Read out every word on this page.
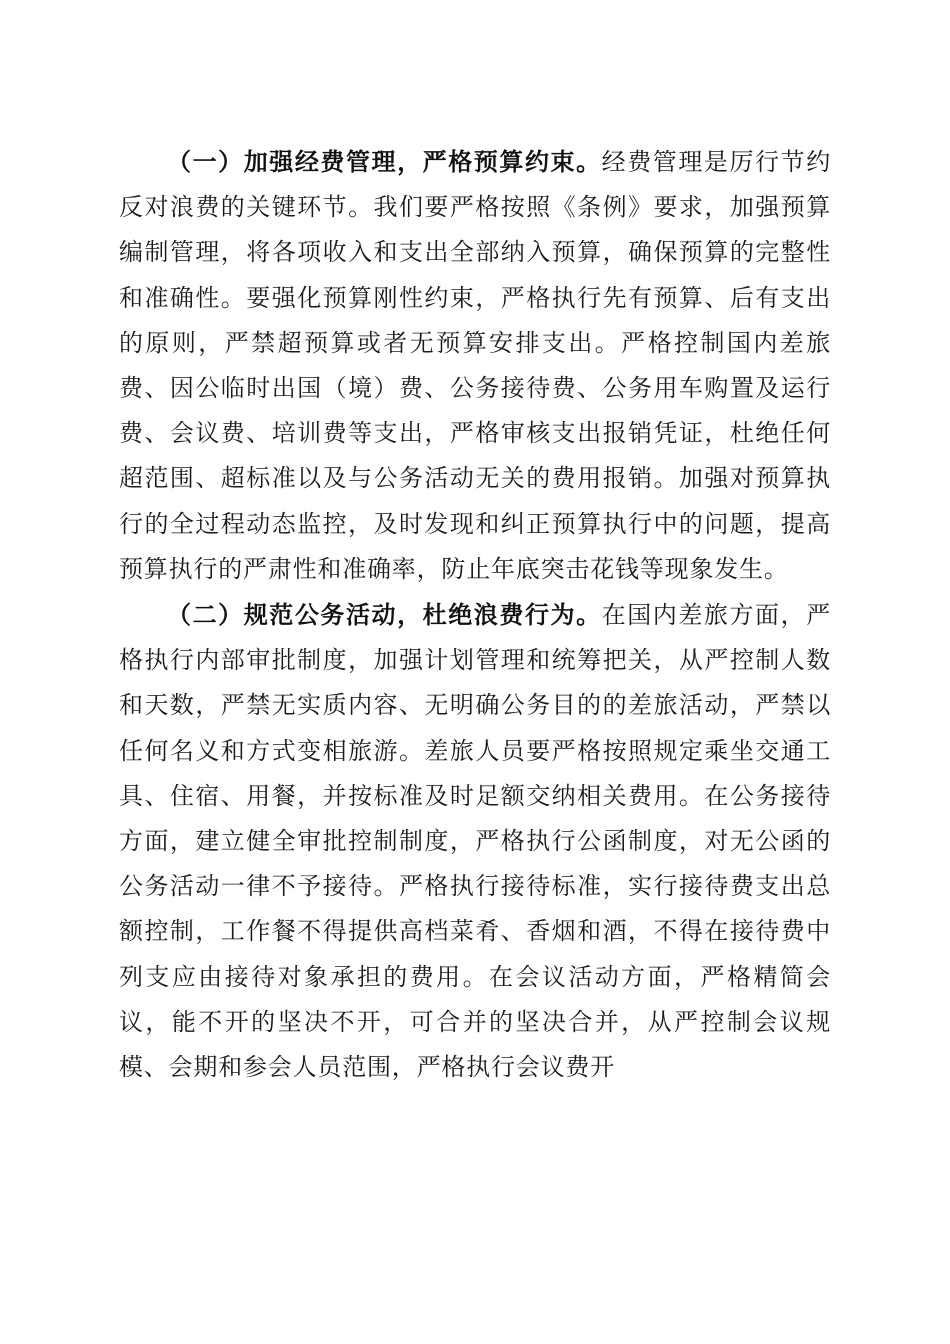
（一）加强经费管理，严格预算约束。经费管理是厉行节约反对浪费的关键环节。我们要严格按照《条例》要求，加强预算编制管理，将各项收入和支出全部纳入预算，确保预算的完整性和准确性。要强化预算刚性约束，严格执行先有预算、后有支出的原则，严禁超预算或者无预算安排支出。严格控制国内差旅费、因公临时出国（境）费、公务接待费、公务用车购置及运行费、会议费、培训费等支出，严格审核支出报销凭证，杜绝任何超范围、超标准以及与公务活动无关的费用报销。加强对预算执行的全过程动态监控，及时发现和纠正预算执行中的问题，提高预算执行的严肃性和准确率，防止年底突击花钱等现象发生。

（二）规范公务活动，杜绝浪费行为。在国内差旅方面，严格执行内部审批制度，加强计划管理和统筹把关，从严控制人数和天数，严禁无实质内容、无明确公务目的的差旅活动，严禁以任何名义和方式变相旅游。差旅人员要严格按照规定乘坐交通工具、住宿、用餐，并按标准及时足额交纳相关费用。在公务接待方面，建立健全审批控制制度，严格执行公函制度，对无公函的公务活动一律不予接待。严格执行接待标准，实行接待费支出总额控制，工作餐不得提供高档菜肴、香烟和酒，不得在接待费中列支应由接待对象承担的费用。在会议活动方面，严格精简会议，能不开的坚决不开，可合并的坚决合并，从严控制会议规模、会期和参会人员范围，严格执行会议费开
